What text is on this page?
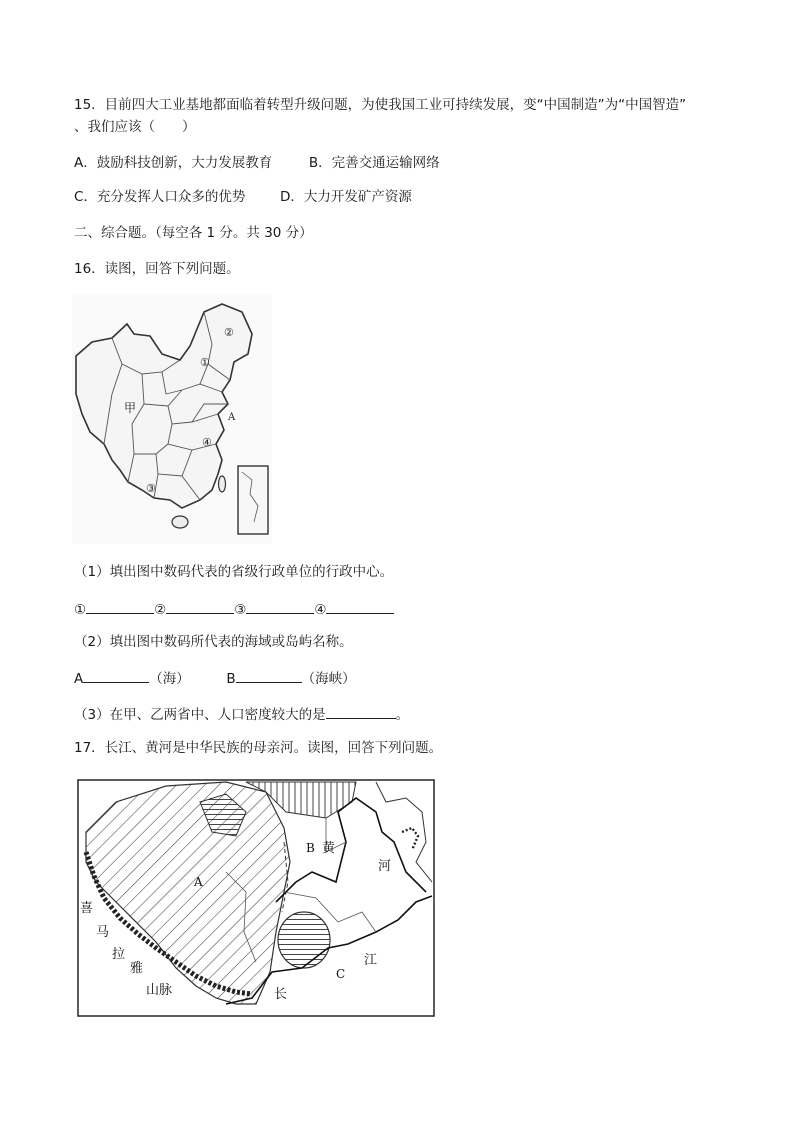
15．目前四大工业基地都面临着转型升级问题，为使我国工业可持续发展，变“中国制造”为“中国智造”
、我们应该（　　）
A．鼓励科技创新，大力发展教育	B．完善交通运输网络
C．充分发挥人口众多的优势	D．大力开发矿产资源
二、综合题。（每空各 1 分。共 30 分）
16．读图，回答下列问题。
甲
A
①
②
③
④
（1）填出图中数码代表的省级行政单位的行政中心。
①	②	③	④
（2）填出图中数码所代表的海域或岛屿名称。
A	（海）	B	（海峡）
（3）在甲、乙两省中、人口密度较大的是	。
17．长江、黄河是中华民族的母亲河。读图，回答下列问题。
A
B
C
黄
河
长
江
喜
马
拉
雅
山脉
